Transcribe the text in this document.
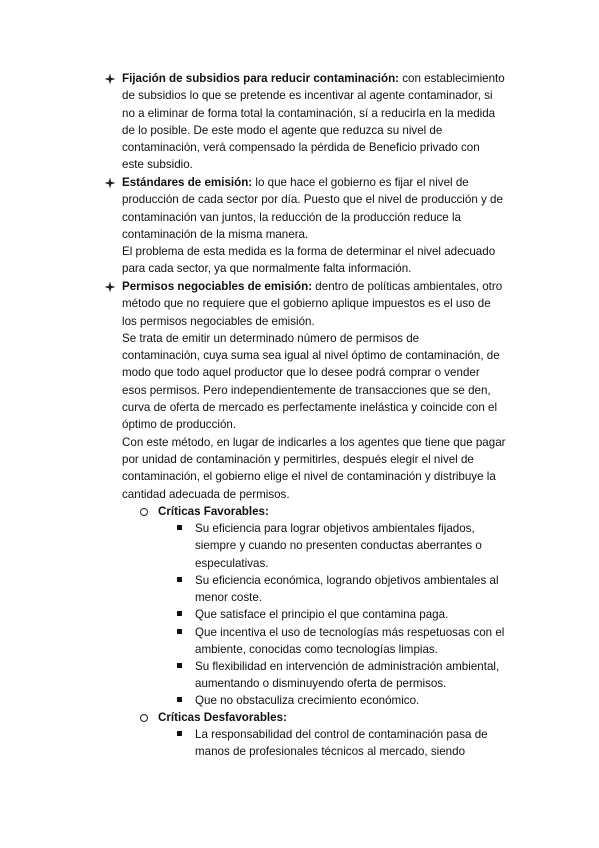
Fijación de subsidios para reducir contaminación: con establecimiento
de subsidios lo que se pretende es incentivar al agente contaminador, si
no a eliminar de forma total la contaminación, sí a reducirla en la medida
de lo posible. De este modo el agente que reduzca su nivel de
contaminación, verá compensado la pérdida de Beneficio privado con
este subsidio.
Estándares de emisión: lo que hace el gobierno es fijar el nivel de
producción de cada sector por día. Puesto que el nivel de producción y de
contaminación van juntos, la reducción de la producción reduce la
contaminación de la misma manera.
El problema de esta medida es la forma de determinar el nivel adecuado
para cada sector, ya que normalmente falta información.
Permisos negociables de emisión: dentro de políticas ambientales, otro
método que no requiere que el gobierno aplique impuestos es el uso de
los permisos negociables de emisión.
Se trata de emitir un determinado número de permisos de
contaminación, cuya suma sea igual al nivel óptimo de contaminación, de
modo que todo aquel productor que lo desee podrá comprar o vender
esos permisos. Pero independientemente de transacciones que se den,
curva de oferta de mercado es perfectamente inelástica y coincide con el
óptimo de producción.
Con este método, en lugar de indicarles a los agentes que tiene que pagar
por unidad de contaminación y permitirles, después elegir el nivel de
contaminación, el gobierno elige el nivel de contaminación y distribuye la
cantidad adecuada de permisos.
Críticas Favorables:
Su eficiencia para lograr objetivos ambientales fijados,
siempre y cuando no presenten conductas aberrantes o
especulativas.
Su eficiencia económica, logrando objetivos ambientales al
menor coste.
Que satisface el principio el que contamina paga.
Que incentiva el uso de tecnologías más respetuosas con el
ambiente, conocidas como tecnologías limpias.
Su flexibilidad en intervención de administración ambiental,
aumentando o disminuyendo oferta de permisos.
Que no obstaculiza crecimiento económico.
Críticas Desfavorables:
La responsabilidad del control de contaminación pasa de
manos de profesionales técnicos al mercado, siendo
